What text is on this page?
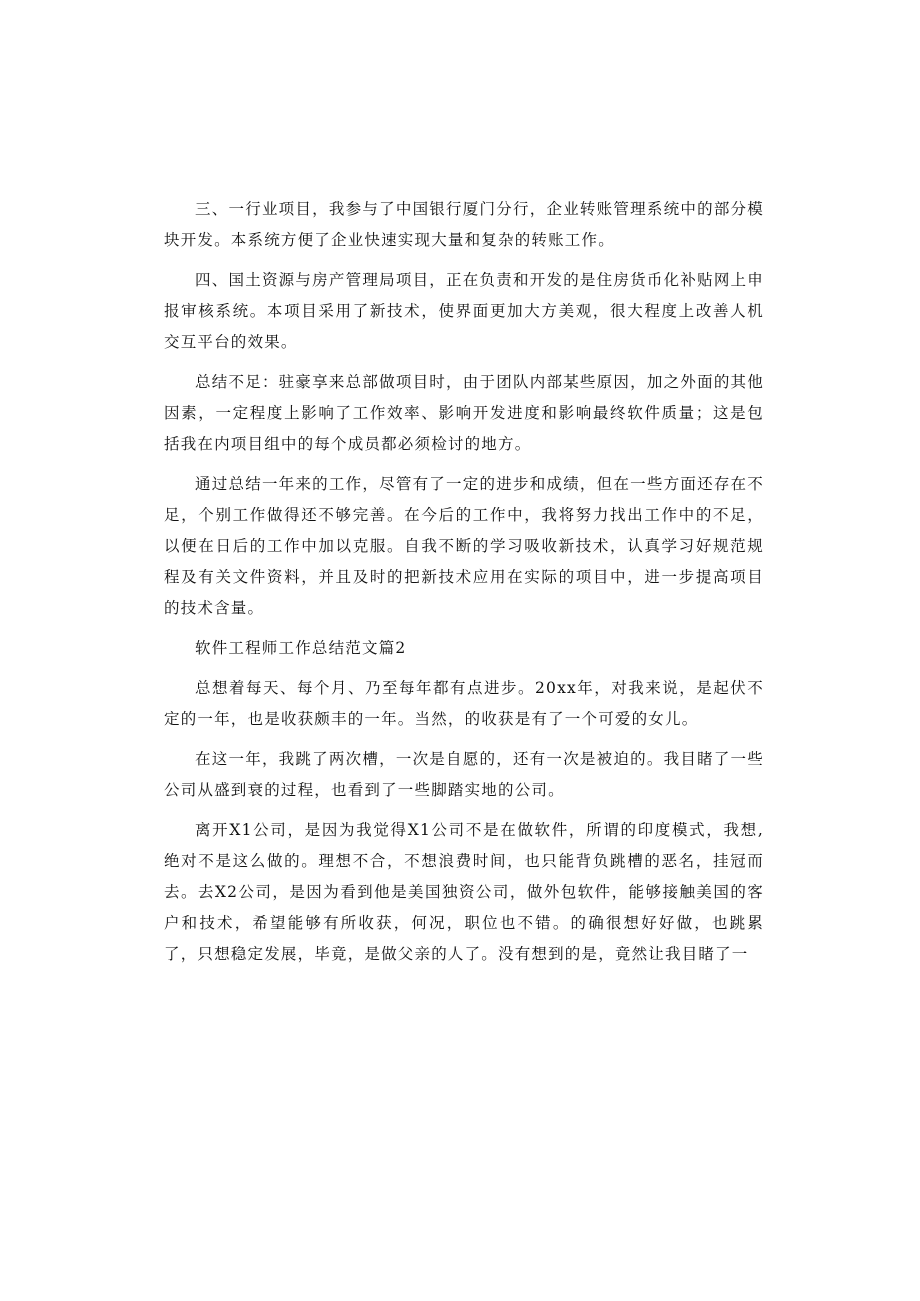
三、一行业项目，我参与了中国银行厦门分行，企业转账管理系统中的部分模块开发。本系统方便了企业快速实现大量和复杂的转账工作。

四、国土资源与房产管理局项目，正在负责和开发的是住房货币化补贴网上申报审核系统。本项目采用了新技术，使界面更加大方美观，很大程度上改善人机交互平台的效果。

总结不足：驻豪享来总部做项目时，由于团队内部某些原因，加之外面的其他因素，一定程度上影响了工作效率、影响开发进度和影响最终软件质量；这是包括我在内项目组中的每个成员都必须检讨的地方。

通过总结一年来的工作，尽管有了一定的进步和成绩，但在一些方面还存在不足，个别工作做得还不够完善。在今后的工作中，我将努力找出工作中的不足，以便在日后的工作中加以克服。自我不断的学习吸收新技术，认真学习好规范规程及有关文件资料，并且及时的把新技术应用在实际的项目中，进一步提高项目的技术含量。

软件工程师工作总结范文篇2

总想着每天、每个月、乃至每年都有点进步。20xx年，对我来说，是起伏不定的一年，也是收获颇丰的一年。当然，的收获是有了一个可爱的女儿。

在这一年，我跳了两次槽，一次是自愿的，还有一次是被迫的。我目睹了一些公司从盛到衰的过程，也看到了一些脚踏实地的公司。

离开X1公司，是因为我觉得X1公司不是在做软件，所谓的印度模式，我想,绝对不是这么做的。理想不合，不想浪费时间，也只能背负跳槽的恶名，挂冠而去。去X2公司，是因为看到他是美国独资公司，做外包软件，能够接触美国的客户和技术，希望能够有所收获，何况，职位也不错。的确很想好好做，也跳累了，只想稳定发展，毕竟，是做父亲的人了。没有想到的是，竟然让我目睹了一
